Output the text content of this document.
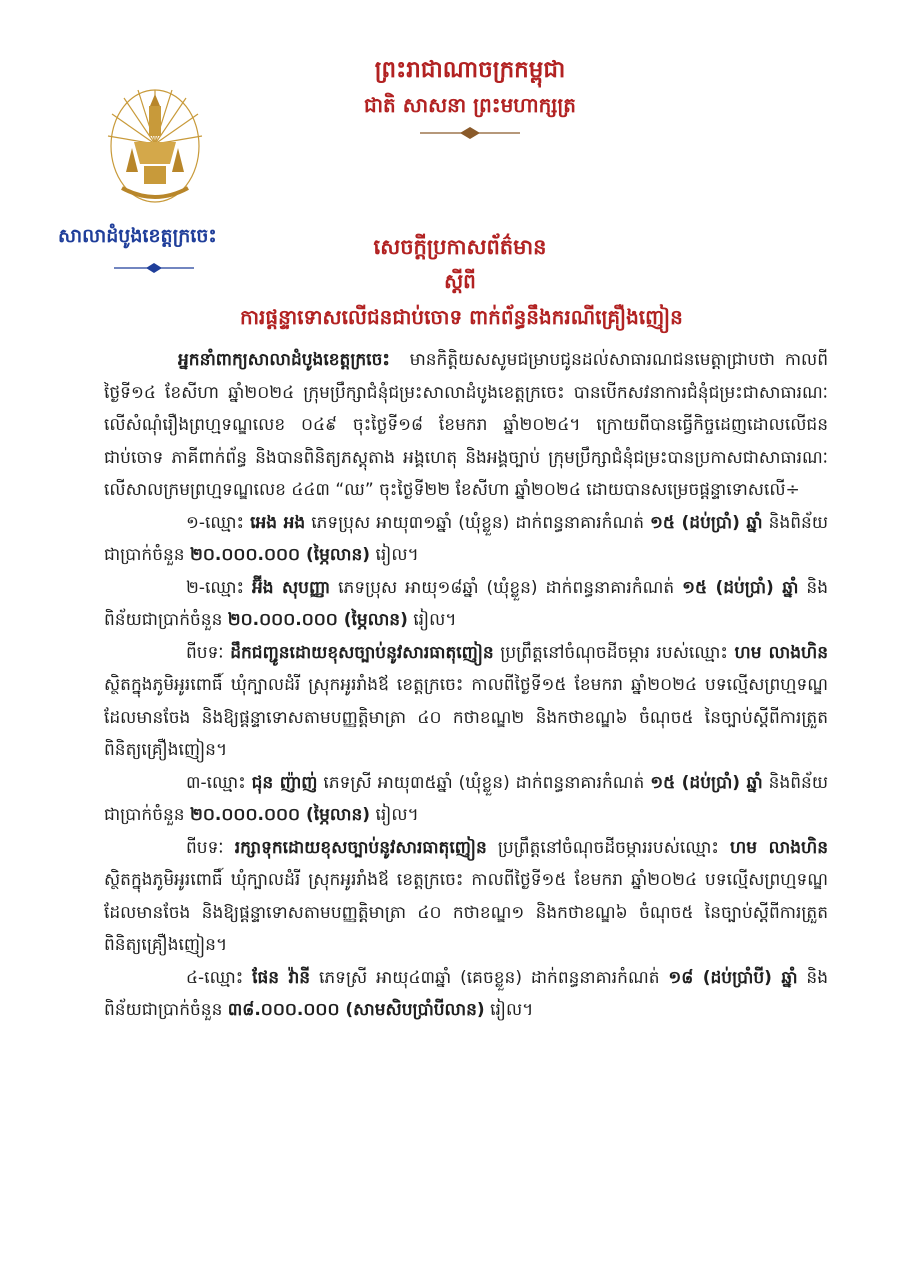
សាលាដំបូងខេត្តក្រចេះ
ព្រះរាជាណាចក្រកម្ពុជា
ជាតិ សាសនា ព្រះមហាក្សត្រ
សេចក្តីប្រកាសព័ត៌មាន
ស្តីពី
ការផ្តន្ទាទោសលើជនជាប់ចោទ ពាក់ព័ន្ធនឹងករណីគ្រឿងញៀន

អ្នកនាំពាក្យសាលាដំបូងខេត្តក្រចេះ  មានកិត្តិយសសូមជម្រាបជូនដល់សាធារណជនមេត្តាជ្រាបថា កាលពីថ្ងៃទី១៤ ខែសីហា ឆ្នាំ២០២៤ ក្រុមប្រឹក្សាជំនុំជម្រះសាលាដំបូងខេត្តក្រចេះ បានបើកសវនាការជំនុំជម្រះជាសាធារណៈ លើសំណុំរឿងព្រហ្មទណ្ឌលេខ ០៤៩ ចុះថ្ងៃទី១៨ ខែមករា ឆ្នាំ២០២៤។ ក្រោយពីបានធ្វើកិច្ចដេញដោលលើជនជាប់ចោទ ភាគីពាក់ព័ន្ធ និងបានពិនិត្យភស្តុតាង អង្គហេតុ និងអង្គច្បាប់ ក្រុមប្រឹក្សាជំនុំជម្រះបានប្រកាសជាសាធារណៈ លើសាលក្រមព្រហ្មទណ្ឌលេខ ៤៤៣ “ឈ” ចុះថ្ងៃទី២២ ខែសីហា ឆ្នាំ២០២៤ ដោយបានសម្រេចផ្តន្ទាទោសលើ÷

១-ឈ្មោះ អេង អង ភេទប្រុស អាយុ៣១ឆ្នាំ (ឃុំខ្លួន) ដាក់ពន្ធនាគារកំណត់ ១៥ (ដប់ប្រាំ) ឆ្នាំ និងពិន័យជាប្រាក់ចំនួន ២០.០០០.០០០ (ម្ភៃលាន) រៀល។

២-ឈ្មោះ អ៊ីង សុបញ្ញា ភេទប្រុស អាយុ១៨ឆ្នាំ (ឃុំខ្លួន) ដាក់ពន្ធនាគារកំណត់ ១៥ (ដប់ប្រាំ) ឆ្នាំ និងពិន័យជាប្រាក់ចំនួន ២០.០០០.០០០ (ម្ភៃលាន) រៀល។

ពីបទៈ ដឹកជញ្ជូនដោយខុសច្បាប់នូវសារធាតុញៀន ប្រព្រឹត្តនៅចំណុចដីចម្ការ របស់ឈ្មោះ ហម លាងហិន ស្ថិតក្នុងភូមិអូរពោធិ៍ ឃុំក្បាលដំរី ស្រុកអូររាំងឪ ខេត្តក្រចេះ កាលពីថ្ងៃទី១៥ ខែមករា ឆ្នាំ២០២៤ បទល្មើសព្រហ្មទណ្ឌដែលមានចែង និងឱ្យផ្តន្ទាទោសតាមបញ្ញត្តិមាត្រា ៤០ កថាខណ្ឌ២ និងកថាខណ្ឌ៦ ចំណុច៥ នៃច្បាប់ស្តីពីការត្រួតពិនិត្យគ្រឿងញៀន។

៣-ឈ្មោះ ជុន ញ៉ាញ់ ភេទស្រី អាយុ៣៥ឆ្នាំ (ឃុំខ្លួន) ដាក់ពន្ធនាគារកំណត់ ១៥ (ដប់ប្រាំ) ឆ្នាំ និងពិន័យជាប្រាក់ចំនួន ២០.០០០.០០០ (ម្ភៃលាន) រៀល។

ពីបទៈ រក្សាទុកដោយខុសច្បាប់នូវសារធាតុញៀន ប្រព្រឹត្តនៅចំណុចដីចម្ការរបស់ឈ្មោះ ហម លាងហិន ស្ថិតក្នុងភូមិអូរពោធិ៍ ឃុំក្បាលដំរី ស្រុកអូររាំងឪ ខេត្តក្រចេះ កាលពីថ្ងៃទី១៥ ខែមករា ឆ្នាំ២០២៤ បទល្មើសព្រហ្មទណ្ឌដែលមានចែង និងឱ្យផ្តន្ទាទោសតាមបញ្ញត្តិមាត្រា ៤០ កថាខណ្ឌ១ និងកថាខណ្ឌ៦ ចំណុច៥ នៃច្បាប់ស្តីពីការត្រួតពិនិត្យគ្រឿងញៀន។

៤-ឈ្មោះ ផែន វ៉ានី ភេទស្រី អាយុ៤៣ឆ្នាំ (គេចខ្លួន) ដាក់ពន្ធនាគារកំណត់ ១៨ (ដប់ប្រាំបី) ឆ្នាំ និងពិន័យជាប្រាក់ចំនួន ៣៨.០០០.០០០ (សាមសិបប្រាំបីលាន) រៀល។
